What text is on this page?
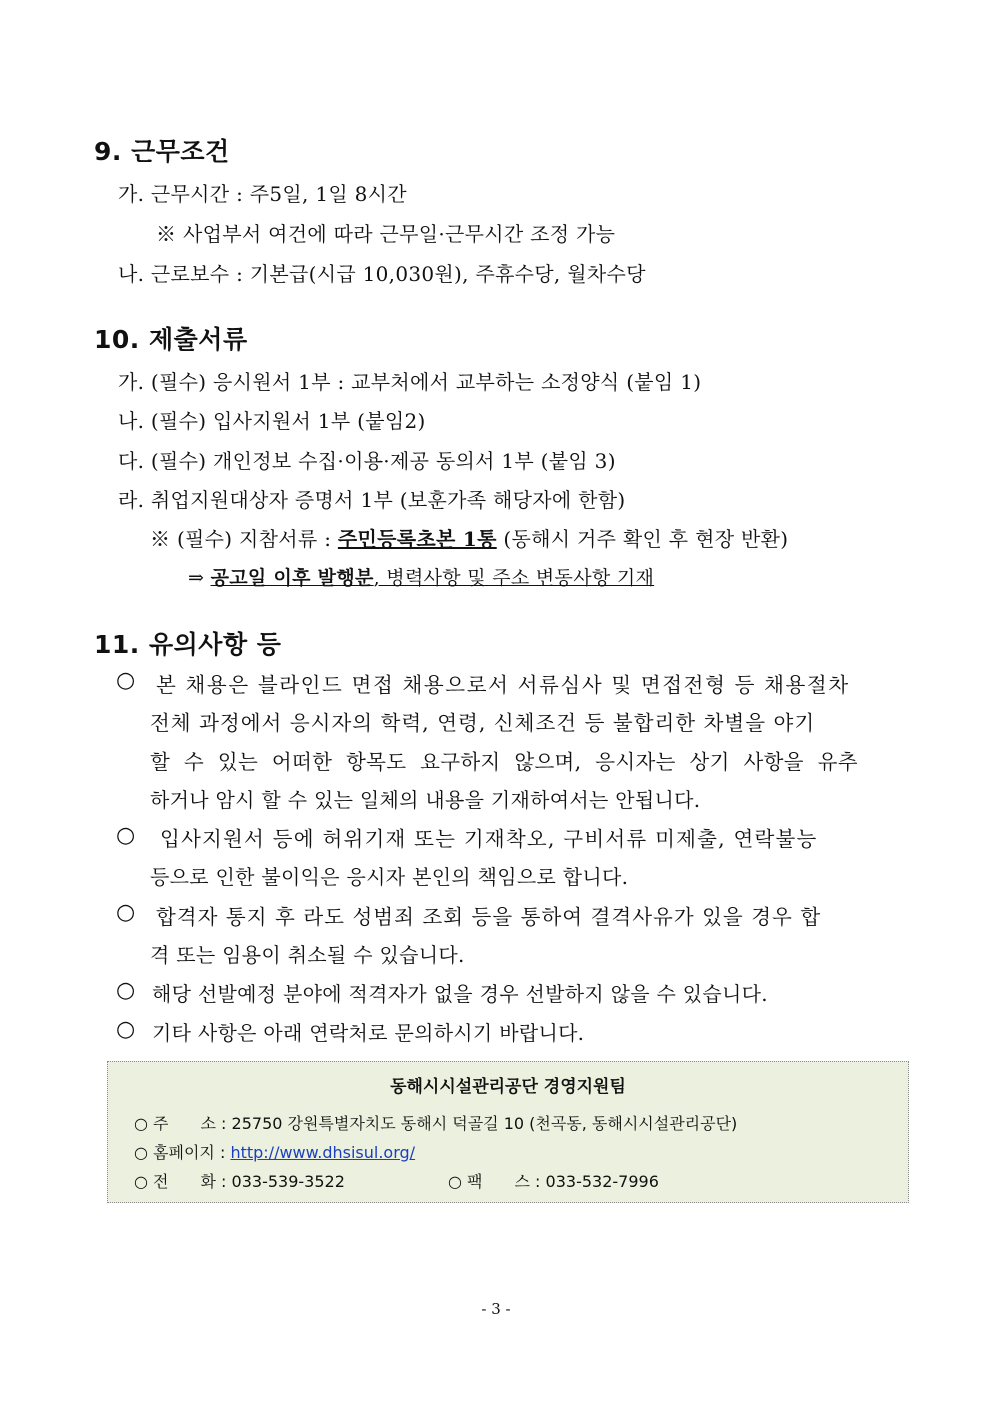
9. 근무조건
가. 근무시간 : 주5일, 1일 8시간
※ 사업부서 여건에 따라 근무일·근무시간 조정 가능
나. 근로보수 : 기본급(시급 10,030원), 주휴수당, 월차수당
10. 제출서류
가. (필수) 응시원서 1부 : 교부처에서 교부하는 소정양식 (붙임 1)
나. (필수) 입사지원서 1부 (붙임2)
다. (필수) 개인정보 수집·이용·제공 동의서 1부 (붙임 3)
라. 취업지원대상자 증명서 1부 (보훈가족 해당자에 한함)
※ (필수) 지참서류 : 주민등록초본 1통 (동해시 거주 확인 후 현장 반환)
⇒ 공고일 이후 발행분, 병력사항 및 주소 변동사항 기재
11. 유의사항 등
○ 본 채용은 블라인드 면접 채용으로서 서류심사 및 면접전형 등 채용절차
전체 과정에서 응시자의 학력, 연령, 신체조건 등 불합리한 차별을 야기
할 수 있는 어떠한 항목도 요구하지 않으며, 응시자는 상기 사항을 유추
하거나 암시 할 수 있는 일체의 내용을 기재하여서는 안됩니다.
○ 입사지원서 등에 허위기재 또는 기재착오, 구비서류 미제출, 연락불능
등으로 인한 불이익은 응시자 본인의 책임으로 합니다.
○ 합격자 통지 후 라도 성범죄 조회 등을 통하여 결격사유가 있을 경우 합
격 또는 임용이 취소될 수 있습니다.
○ 해당 선발예정 분야에 적격자가 없을 경우 선발하지 않을 수 있습니다.
○ 기타 사항은 아래 연락처로 문의하시기 바랍니다.
동해시시설관리공단 경영지원팀
○ 주　　소 : 25750 강원특별자치도 동해시 덕골길 10 (천곡동, 동해시시설관리공단)
○ 홈페이지 : http://www.dhsisul.org/
○ 전　　화 : 033-539-3522	○ 팩　　스 : 033-532-7996
- 3 -
